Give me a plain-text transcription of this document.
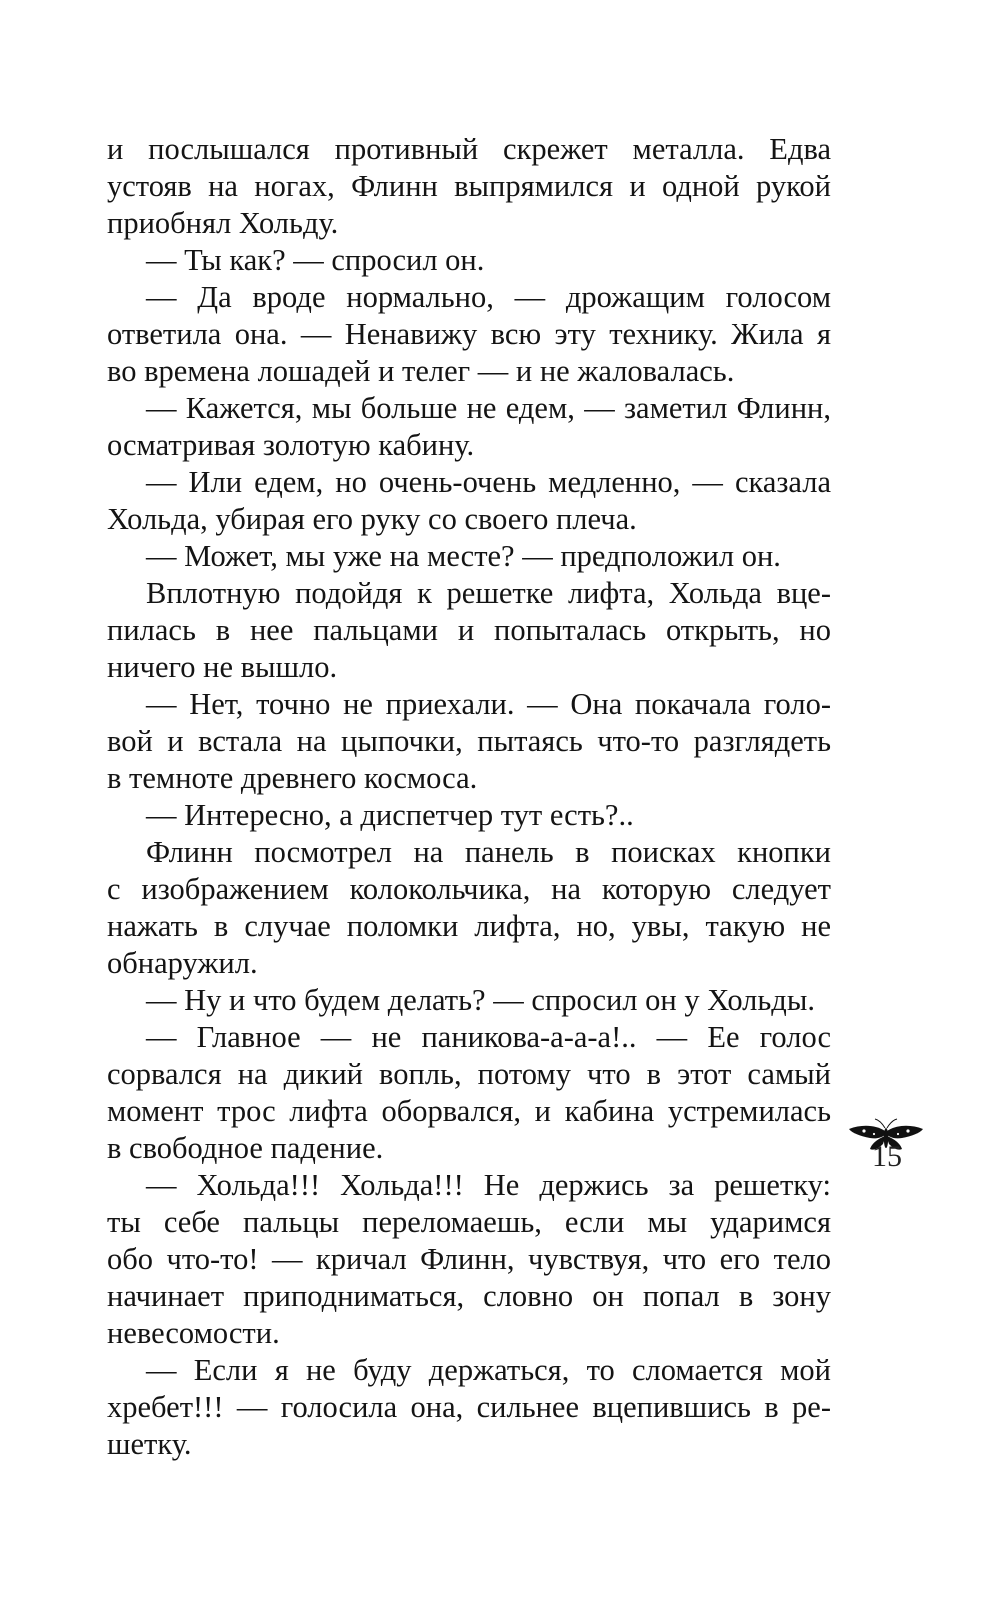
и послышался противный скрежет металла. Едва
устояв на ногах, Флинн выпрямился и одной рукой
приобнял Хольду.
— Ты как? — спросил он.
— Да вроде нормально, — дрожащим голосом
ответила она. — Ненавижу всю эту технику. Жила я
во времена лошадей и телег — и не жаловалась.
— Кажется, мы больше не едем, — заметил Флинн,
осматривая золотую кабину.
— Или едем, но очень-очень медленно, — сказала
Хольда, убирая его руку со своего плеча.
— Может, мы уже на месте? — предположил он.
Вплотную подойдя к решетке лифта, Хольда вце-
пилась в нее пальцами и попыталась открыть, но
ничего не вышло.
— Нет, точно не приехали. — Она покачала голо-
вой и встала на цыпочки, пытаясь что-то разглядеть
в темноте древнего космоса.
— Интересно, а диспетчер тут есть?..
Флинн посмотрел на панель в поисках кнопки
с изображением колокольчика, на которую следует
нажать в случае поломки лифта, но, увы, такую не
обнаружил.
— Ну и что будем делать? — спросил он у Хольды.
— Главное — не паникова-а-а-а!.. — Ее голос
сорвался на дикий вопль, потому что в этот самый
момент трос лифта оборвался, и кабина устремилась
в свободное падение.
— Хольда!!! Хольда!!! Не держись за решетку:
ты себе пальцы переломаешь, если мы ударимся
обо что-то! — кричал Флинн, чувствуя, что его тело
начинает приподниматься, словно он попал в зону
невесомости.
— Если я не буду держаться, то сломается мой
хребет!!! — голосила она, сильнее вцепившись в ре-
шетку.
15
